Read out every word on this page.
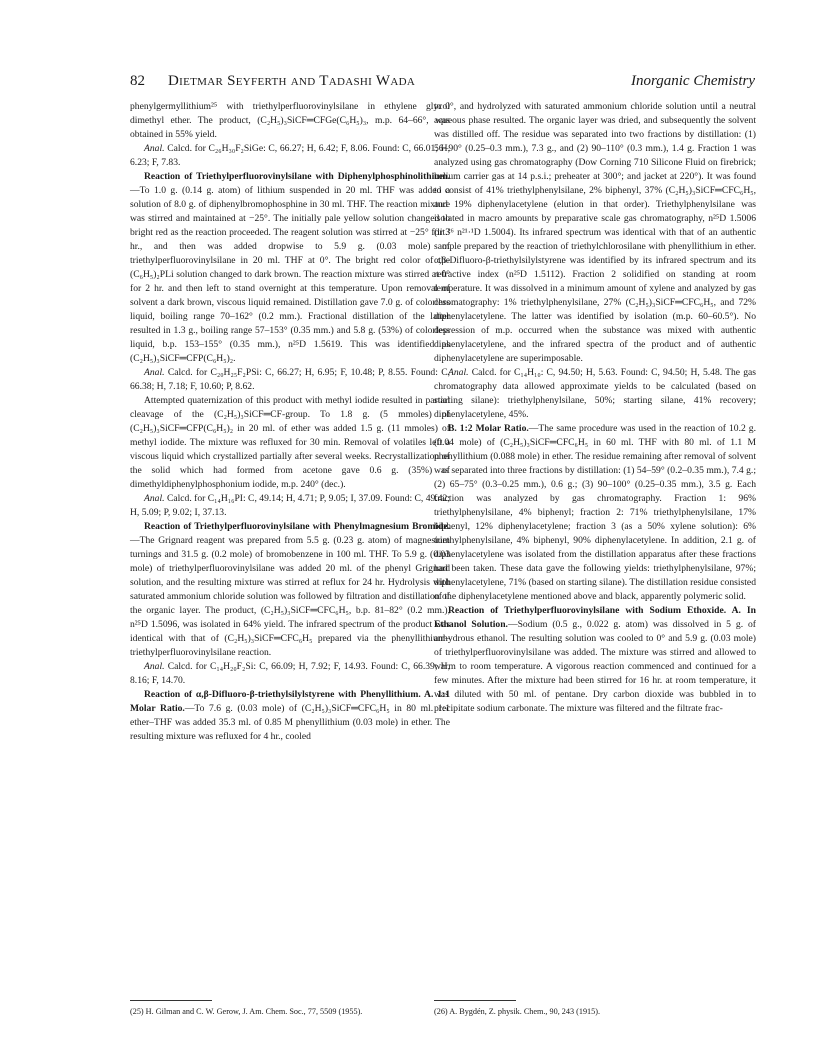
82 Dietmar Seyferth and Tadashi Wada	Inorganic Chemistry

phenylgermyllithium²⁵ with triethylperfluorovinylsilane in ethylene glycol dimethyl ether. The product, (C₂H₅)₃SiCF═CFGe(C₆H₅)₃, m.p. 64–66°, was obtained in 55% yield.

Anal. Calcd. for C₂₆H₃₀F₂SiGe: C, 66.27; H, 6.42; F, 8.06. Found: C, 66.01; H, 6.23; F, 7.83.

Reaction of Triethylperfluorovinylsilane with Diphenylphosphinolithium.—To 1.0 g. (0.14 g. atom) of lithium suspended in 20 ml. THF was added a solution of 8.0 g. of diphenylbromophosphine in 30 ml. THF. The reaction mixture was stirred and maintained at −25°. The initially pale yellow solution changed to bright red as the reaction proceeded. The reagent solution was stirred at −25° for 3 hr., and then was added dropwise to 5.9 g. (0.03 mole) of triethylperfluorovinylsilane in 20 ml. THF at 0°. The bright red color of the (C₆H₅)₂PLi solution changed to dark brown. The reaction mixture was stirred at 0° for 2 hr. and then left to stand overnight at this temperature. Upon removal of solvent a dark brown, viscous liquid remained. Distillation gave 7.0 g. of colorless liquid, boiling range 70–162° (0.2 mm.). Fractional distillation of the latter resulted in 1.3 g., boiling range 57–153° (0.35 mm.) and 5.8 g. (53%) of colorless liquid, b.p. 153–155° (0.35 mm.), n²⁵D 1.5619. This was identified as (C₂H₅)₃SiCF═CFP(C₆H₅)₂.

Anal. Calcd. for C₂₀H₂₅F₂PSi: C, 66.27; H, 6.95; F, 10.48; P, 8.55. Found: C, 66.38; H, 7.18; F, 10.60; P, 8.62.

Attempted quaternization of this product with methyl iodide resulted in partial cleavage of the (C₂H₅)₃SiCF═CF-group. To 1.8 g. (5 mmoles) of (C₂H₅)₃SiCF═CFP(C₆H₅)₂ in 20 ml. of ether was added 1.5 g. (11 mmoles) of methyl iodide. The mixture was refluxed for 30 min. Removal of volatiles left a viscous liquid which crystallized partially after several weeks. Recrystallization of the solid which had formed from acetone gave 0.6 g. (35%) of dimethyldiphenylphosphonium iodide, m.p. 240° (dec.).

Anal. Calcd. for C₁₄H₁₆PI: C, 49.14; H, 4.71; P, 9.05; I, 37.09. Found: C, 49.42; H, 5.09; P, 9.02; I, 37.13.

Reaction of Triethylperfluorovinylsilane with Phenylmagnesium Bromide.—The Grignard reagent was prepared from 5.5 g. (0.23 g. atom) of magnesium turnings and 31.5 g. (0.2 mole) of bromobenzene in 100 ml. THF. To 5.9 g. (0.03 mole) of triethylperfluorovinylsilane was added 20 ml. of the phenyl Grignard solution, and the resulting mixture was stirred at reflux for 24 hr. Hydrolysis with saturated ammonium chloride solution was followed by filtration and distillation of the organic layer. The product, (C₂H₅)₃SiCF═CFC₆H₅, b.p. 81–82° (0.2 mm.), n²⁵D 1.5096, was isolated in 64% yield. The infrared spectrum of the product was identical with that of (C₂H₅)₃SiCF═CFC₆H₅ prepared via the phenyllithium–triethylperfluorovinylsilane reaction.

Anal. Calcd. for C₁₄H₂₀F₂Si: C, 66.09; H, 7.92; F, 14.93. Found: C, 66.39; H, 8.16; F, 14.70.

Reaction of α,β-Difluoro-β-triethylsilylstyrene with Phenyllithium. A. 1:1 Molar Ratio.—To 7.6 g. (0.03 mole) of (C₂H₅)₃SiCF═CFC₆H₅ in 80 ml. 1:1 ether–THF was added 35.3 ml. of 0.85 M phenyllithium (0.03 mole) in ether. The resulting mixture was refluxed for 4 hr., cooled

to 0°, and hydrolyzed with saturated ammonium chloride solution until a neutral aqueous phase resulted. The organic layer was dried, and subsequently the solvent was distilled off. The residue was separated into two fractions by distillation: (1) 56–90° (0.25–0.3 mm.), 7.3 g., and (2) 90–110° (0.3 mm.), 1.4 g. Fraction 1 was analyzed using gas chromatography (Dow Corning 710 Silicone Fluid on firebrick; helium carrier gas at 14 p.s.i.; preheater at 300°; and jacket at 220°). It was found to consist of 41% triethylphenylsilane, 2% biphenyl, 37% (C₂H₅)₃SiCF═CFC₆H₅, and 19% diphenylacetylene (elution in that order). Triethylphenylsilane was isolated in macro amounts by preparative scale gas chromatography, n²⁵D 1.5006 (lit.²⁶ n²¹·¹D 1.5004). Its infrared spectrum was identical with that of an authentic sample prepared by the reaction of triethylchlorosilane with phenyllithium in ether. α,β-Difluoro-β-triethylsilylstyrene was identified by its infrared spectrum and its refractive index (n²⁵D 1.5112). Fraction 2 solidified on standing at room temperature. It was dissolved in a minimum amount of xylene and analyzed by gas chromatography: 1% triethylphenylsilane, 27% (C₂H₅)₃SiCF═CFC₆H₅, and 72% diphenylacetylene. The latter was identified by isolation (m.p. 60–60.5°). No depression of m.p. occurred when the substance was mixed with authentic diphenylacetylene, and the infrared spectra of the product and of authentic diphenylacetylene are superimposable.

Anal. Calcd. for C₁₄H₁₀: C, 94.50; H, 5.63. Found: C, 94.50; H, 5.48. The gas chromatography data allowed approximate yields to be calculated (based on starting silane): triethylphenylsilane, 50%; starting silane, 41% recovery; diphenylacetylene, 45%.

B. 1:2 Molar Ratio.—The same procedure was used in the reaction of 10.2 g. (0.04 mole) of (C₂H₅)₃SiCF═CFC₆H₅ in 60 ml. THF with 80 ml. of 1.1 M phenyllithium (0.088 mole) in ether. The residue remaining after removal of solvent was separated into three fractions by distillation: (1) 54–59° (0.2–0.35 mm.), 7.4 g.; (2) 65–75° (0.3–0.25 mm.), 0.6 g.; (3) 90–100° (0.25–0.35 mm.), 3.5 g. Each fraction was analyzed by gas chromatography. Fraction 1: 96% triethylphenylsilane, 4% biphenyl; fraction 2: 71% triethylphenylsilane, 17% biphenyl, 12% diphenylacetylene; fraction 3 (as a 50% xylene solution): 6% triethylphenylsilane, 4% biphenyl, 90% diphenylacetylene. In addition, 2.1 g. of diphenylacetylene was isolated from the distillation apparatus after these fractions had been taken. These data gave the following yields: triethylphenylsilane, 97%; diphenylacetylene, 71% (based on starting silane). The distillation residue consisted of the diphenylacetylene mentioned above and black, apparently polymeric solid.

Reaction of Triethylperfluorovinylsilane with Sodium Ethoxide. A. In Ethanol Solution.—Sodium (0.5 g., 0.022 g. atom) was dissolved in 5 g. of anhydrous ethanol. The resulting solution was cooled to 0° and 5.9 g. (0.03 mole) of triethylperfluorovinylsilane was added. The mixture was stirred and allowed to warm to room temperature. A vigorous reaction commenced and continued for a few minutes. After the mixture had been stirred for 16 hr. at room temperature, it was diluted with 50 ml. of pentane. Dry carbon dioxide was bubbled in to precipitate sodium carbonate. The mixture was filtered and the filtrate frac-

(25) H. Gilman and C. W. Gerow, J. Am. Chem. Soc., 77, 5509 (1955).	(26) A. Bygdén, Z. physik. Chem., 90, 243 (1915).
